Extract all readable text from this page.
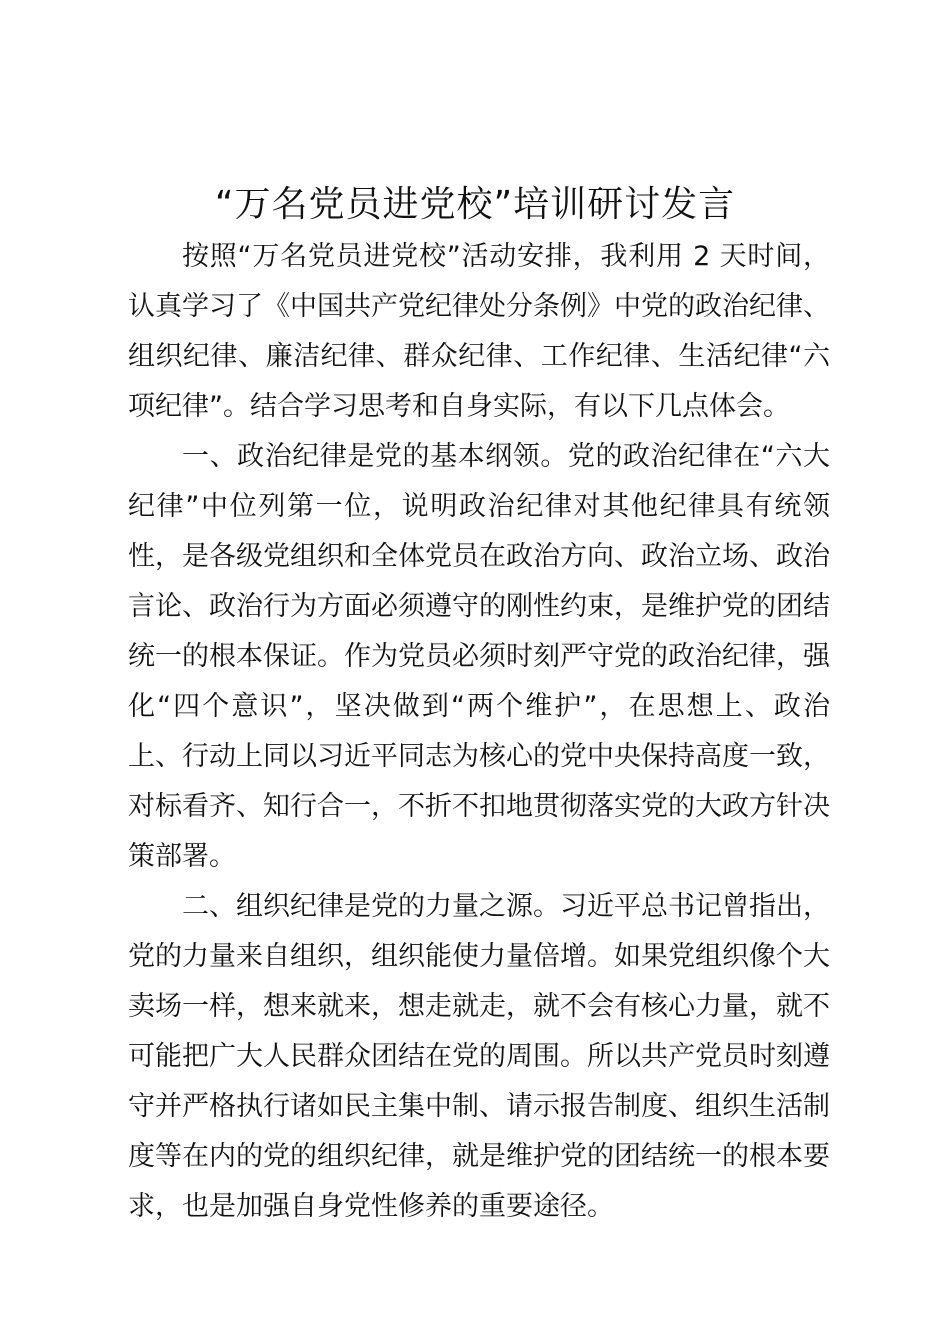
“万名党员进党校”培训研讨发言

按照“万名党员进党校”活动安排，我利用 2 天时间，认真学习了《中国共产党纪律处分条例》中党的政治纪律、组织纪律、廉洁纪律、群众纪律、工作纪律、生活纪律“六项纪律”。结合学习思考和自身实际，有以下几点体会。

一、政治纪律是党的基本纲领。党的政治纪律在“六大纪律”中位列第一位，说明政治纪律对其他纪律具有统领性，是各级党组织和全体党员在政治方向、政治立场、政治言论、政治行为方面必须遵守的刚性约束，是维护党的团结统一的根本保证。作为党员必须时刻严守党的政治纪律，强化“四个意识”，坚决做到“两个维护”，在思想上、政治上、行动上同以习近平同志为核心的党中央保持高度一致，对标看齐、知行合一，不折不扣地贯彻落实党的大政方针决策部署。

二、组织纪律是党的力量之源。习近平总书记曾指出，党的力量来自组织，组织能使力量倍增。如果党组织像个大卖场一样，想来就来，想走就走，就不会有核心力量，就不可能把广大人民群众团结在党的周围。所以共产党员时刻遵守并严格执行诸如民主集中制、请示报告制度、组织生活制度等在内的党的组织纪律，就是维护党的团结统一的根本要求，也是加强自身党性修养的重要途径。
